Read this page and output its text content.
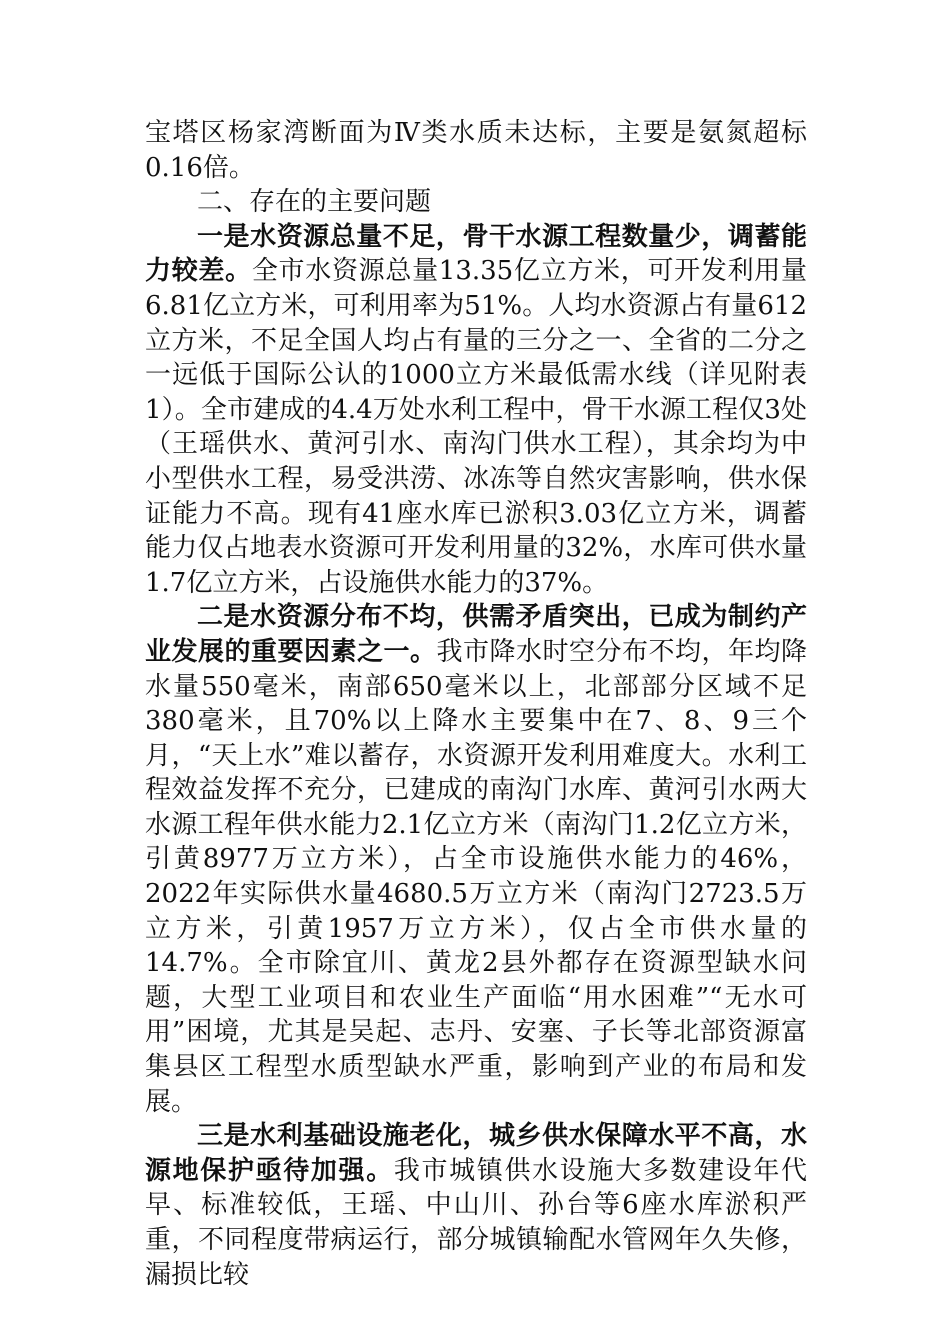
宝塔区杨家湾断面为Ⅳ类水质未达标，主要是氨氮超标0.16倍。

二、存在的主要问题

一是水资源总量不足，骨干水源工程数量少，调蓄能力较差。全市水资源总量13.35亿立方米，可开发利用量6.81亿立方米，可利用率为51%。人均水资源占有量612立方米，不足全国人均占有量的三分之一、全省的二分之一远低于国际公认的1000立方米最低需水线（详见附表1）。全市建成的4.4万处水利工程中，骨干水源工程仅3处（王瑶供水、黄河引水、南沟门供水工程），其余均为中小型供水工程，易受洪涝、冰冻等自然灾害影响，供水保证能力不高。现有41座水库已淤积3.03亿立方米，调蓄能力仅占地表水资源可开发利用量的32%，水库可供水量1.7亿立方米，占设施供水能力的37%。

二是水资源分布不均，供需矛盾突出，已成为制约产业发展的重要因素之一。我市降水时空分布不均，年均降水量550毫米，南部650毫米以上，北部部分区域不足380毫米，且70%以上降水主要集中在7、8、9三个月，“天上水”难以蓄存，水资源开发利用难度大。水利工程效益发挥不充分，已建成的南沟门水库、黄河引水两大水源工程年供水能力2.1亿立方米（南沟门1.2亿立方米，引黄8977万立方米），占全市设施供水能力的46%，2022年实际供水量4680.5万立方米（南沟门2723.5万立方米，引黄1957万立方米），仅占全市供水量的14.7%。全市除宜川、黄龙2县外都存在资源型缺水问题，大型工业项目和农业生产面临“用水困难”“无水可用”困境，尤其是吴起、志丹、安塞、子长等北部资源富集县区工程型水质型缺水严重，影响到产业的布局和发展。

三是水利基础设施老化，城乡供水保障水平不高，水源地保护亟待加强。我市城镇供水设施大多数建设年代早、标准较低，王瑶、中山川、孙台等6座水库淤积严重，不同程度带病运行，部分城镇输配水管网年久失修，漏损比较
